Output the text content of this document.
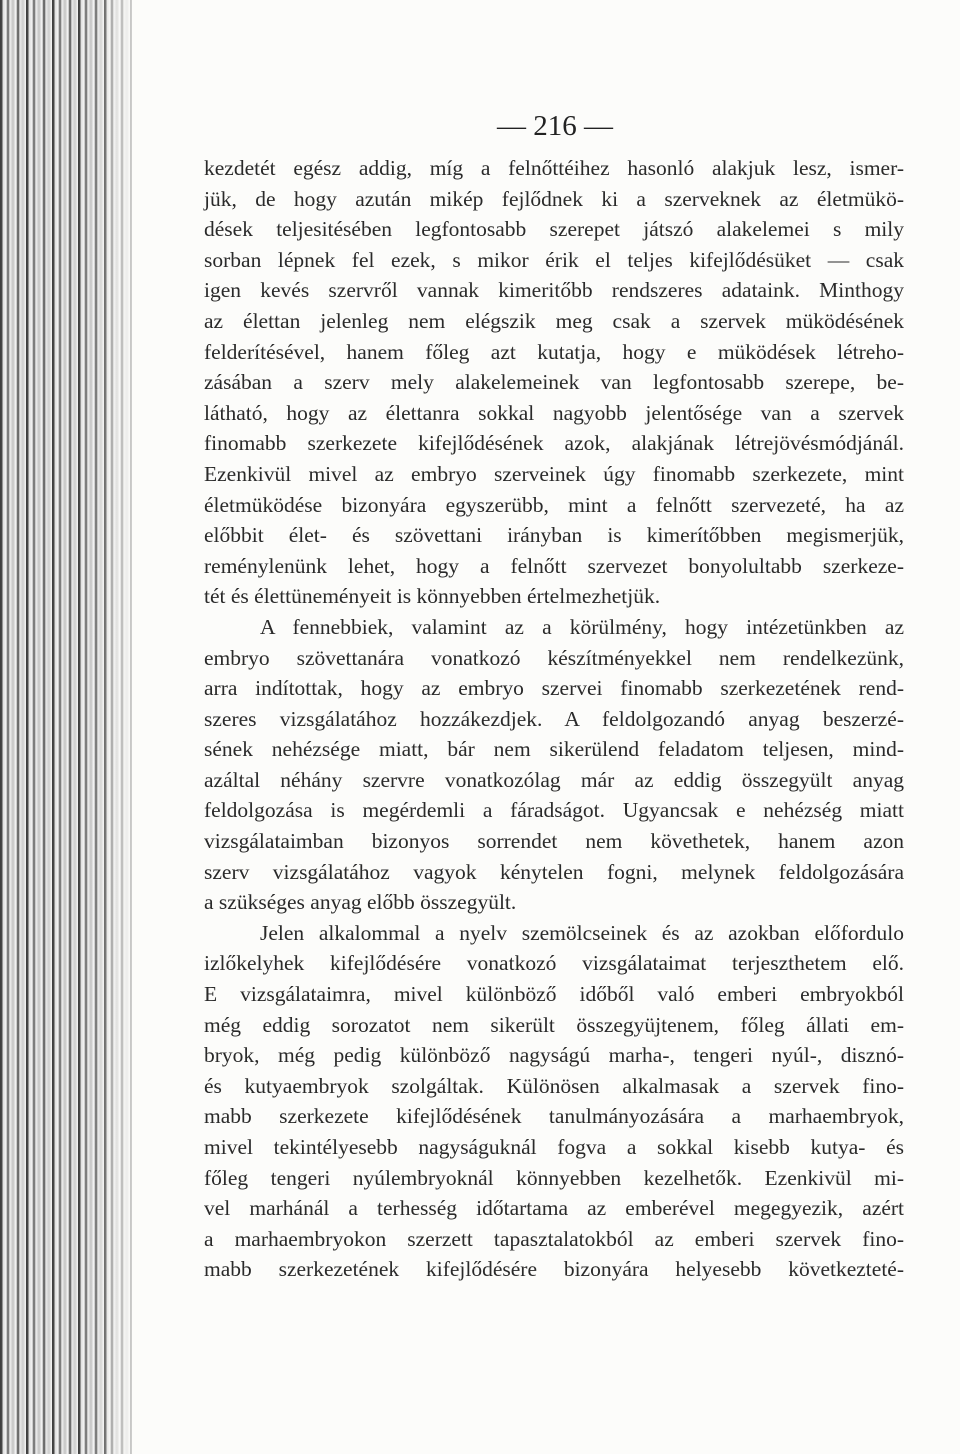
— 216 —
kezdetét egész addig, míg a felnőttéihez hasonló alakjuk lesz, ismer-
jük, de hogy azután mikép fejlődnek ki a szerveknek az életmükö-
dések teljesitésében legfontosabb szerepet játszó alakelemei s mily
sorban lépnek fel ezek, s mikor érik el teljes kifejlődésüket — csak
igen kevés szervről vannak kimeritőbb rendszeres adataink. Minthogy
az élettan jelenleg nem elégszik meg csak a szervek müködésének
felderítésével, hanem főleg azt kutatja, hogy e müködések létreho-
zásában a szerv mely alakelemeinek van legfontosabb szerepe, be-
látható, hogy az élettanra sokkal nagyobb jelentősége van a szervek
finomabb szerkezete kifejlődésének azok, alakjának létrejövésmódjánál.
Ezenkivül mivel az embryo szerveinek úgy finomabb szerkezete, mint
életmüködése bizonyára egyszerübb, mint a felnőtt szervezeté, ha az
előbbit élet- és szövettani irányban is kimerítőbben megismerjük,
reménylenünk lehet, hogy a felnőtt szervezet bonyolultabb szerkeze-
tét és élettüneményeit is könnyebben értelmezhetjük.
A fennebbiek, valamint az a körülmény, hogy intézetünkben az
embryo szövettanára vonatkozó készítményekkel nem rendelkezünk,
arra indítottak, hogy az embryo szervei finomabb szerkezetének rend-
szeres vizsgálatához hozzákezdjek. A feldolgozandó anyag beszerzé-
sének nehézsége miatt, bár nem sikerülend feladatom teljesen, mind-
azáltal néhány szervre vonatkozólag már az eddig összegyült anyag
feldolgozása is megérdemli a fáradságot. Ugyancsak e nehézség miatt
vizsgálataimban bizonyos sorrendet nem követhetek, hanem azon
szerv vizsgálatához vagyok kénytelen fogni, melynek feldolgozására
a szükséges anyag előbb összegyült.
Jelen alkalommal a nyelv szemölcseinek és az azokban előfordulo
izlőkelyhek kifejlődésére vonatkozó vizsgálataimat terjeszthetem elő.
E vizsgálataimra, mivel különböző időből való emberi embryokból
még eddig sorozatot nem sikerült összegyüjtenem, főleg állati em-
bryok, még pedig különböző nagyságú marha-, tengeri nyúl-, disznó-
és kutyaembryok szolgáltak. Különösen alkalmasak a szervek fino-
mabb szerkezete kifejlődésének tanulmányozására a marhaembryok,
mivel tekintélyesebb nagyságuknál fogva a sokkal kisebb kutya- és
főleg tengeri nyúlembryoknál könnyebben kezelhetők. Ezenkivül mi-
vel marhánál a terhesség időtartama az emberével megegyezik, azért
a marhaembryokon szerzett tapasztalatokból az emberi szervek fino-
mabb szerkezetének kifejlődésére bizonyára helyesebb következteté-
